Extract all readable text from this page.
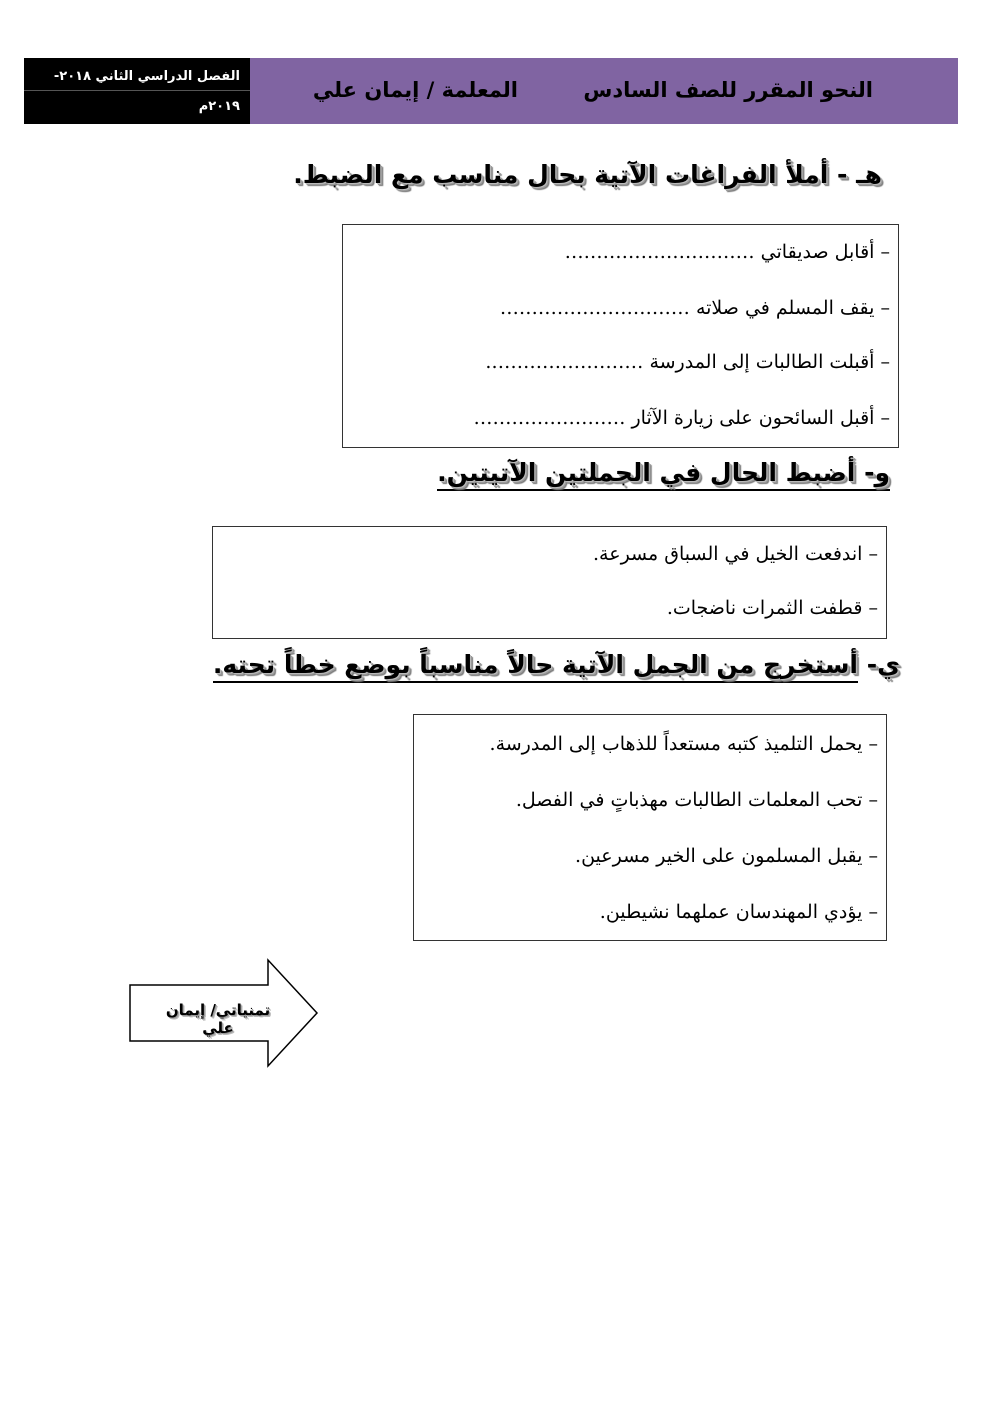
الفصل الدراسي الثاني ٢٠١٨-
٢٠١٩م
النحو المقرر للصف السادس
المعلمة / إيمان علي
هـ - أملأ الفراغات الآتية بحال مناسب مع الضبط.
– أقابل صديقاتي …………………………
– يقف المسلم في صلاته …………………………
– أقبلت الطالبات إلى المدرسة …………………….
– أقبل السائحون على زيارة الآثار ……………………
و- أضبط الحال في الجملتين الآتيتين.
– اندفعت الخيل في السباق مسرعة.
– قطفت الثمرات ناضجات.
ي- أستخرج من الجمل الآتية حالاً مناسباً بوضع خطاً تحته.
– يحمل التلميذ كتبه مستعداً للذهاب إلى المدرسة.
– تحب المعلمات الطالبات مهذباتٍ في الفصل.
– يقبل المسلمون على الخير مسرعين.
– يؤدي المهندسان عملهما نشيطين.
تمنياتي/ إيمان علي
